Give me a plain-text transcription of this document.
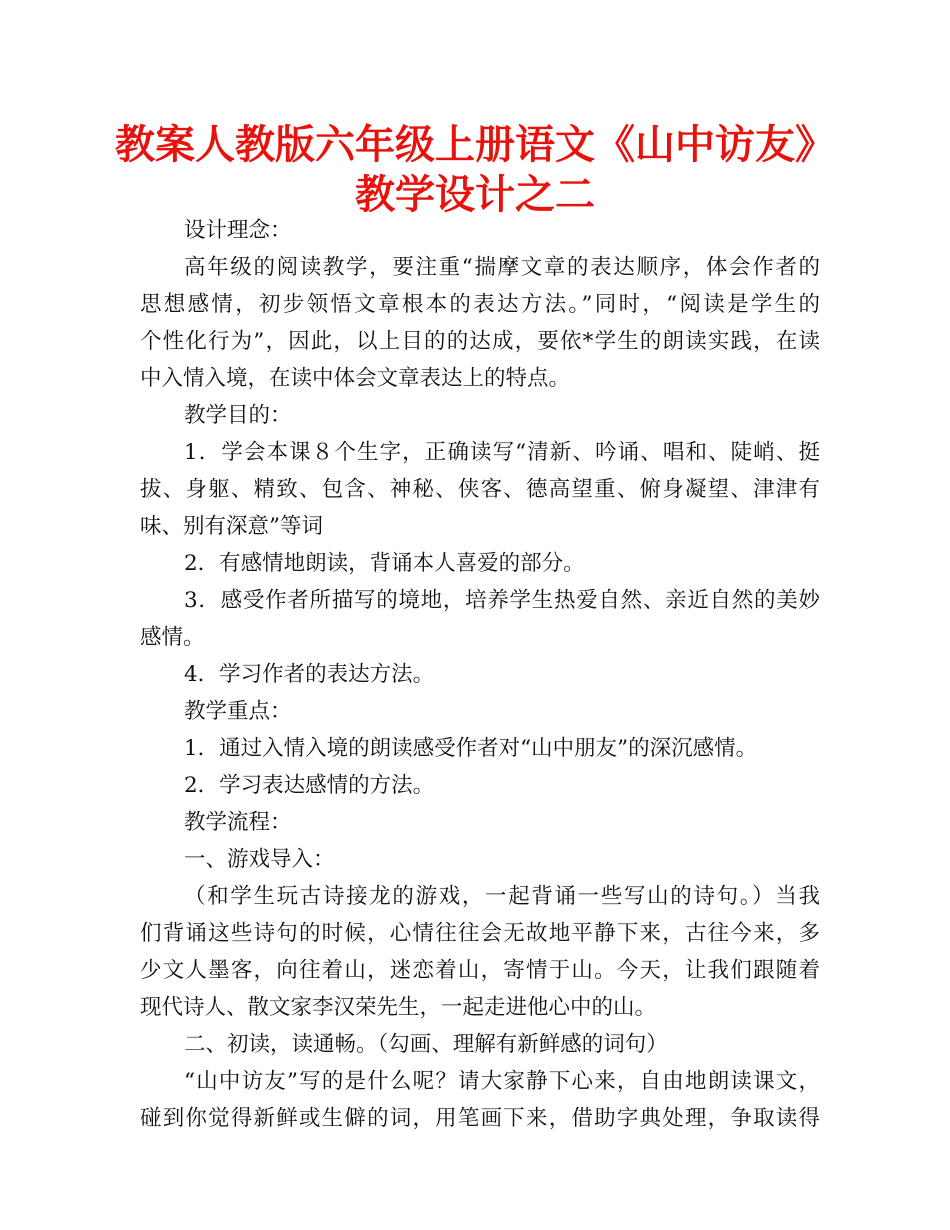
教案人教版六年级上册语文《山中访友》
教学设计之二
设计理念：
高年级的阅读教学，要注重“揣摩文章的表达顺序，体会作者的
思想感情，初步领悟文章根本的表达方法。”同时，“阅读是学生的
个性化行为”，因此，以上目的的达成，要依*学生的朗读实践，在读
中入情入境，在读中体会文章表达上的特点。
教学目的：
1．学会本课８个生字，正确读写“清新、吟诵、唱和、陡峭、挺
拔、身躯、精致、包含、神秘、侠客、德高望重、俯身凝望、津津有
味、别有深意”等词
2．有感情地朗读，背诵本人喜爱的部分。
3．感受作者所描写的境地，培养学生热爱自然、亲近自然的美妙
感情。
4．学习作者的表达方法。
教学重点：
1．通过入情入境的朗读感受作者对“山中朋友”的深沉感情。
2．学习表达感情的方法。
教学流程：
一、游戏导入：
（和学生玩古诗接龙的游戏，一起背诵一些写山的诗句。）当我
们背诵这些诗句的时候，心情往往会无故地平静下来，古往今来，多
少文人墨客，向往着山，迷恋着山，寄情于山。今天，让我们跟随着
现代诗人、散文家李汉荣先生，一起走进他心中的山。
二、初读，读通畅。（勾画、理解有新鲜感的词句）
“山中访友”写的是什么呢？请大家静下心来，自由地朗读课文，
碰到你觉得新鲜或生僻的词，用笔画下来，借助字典处理，争取读得
